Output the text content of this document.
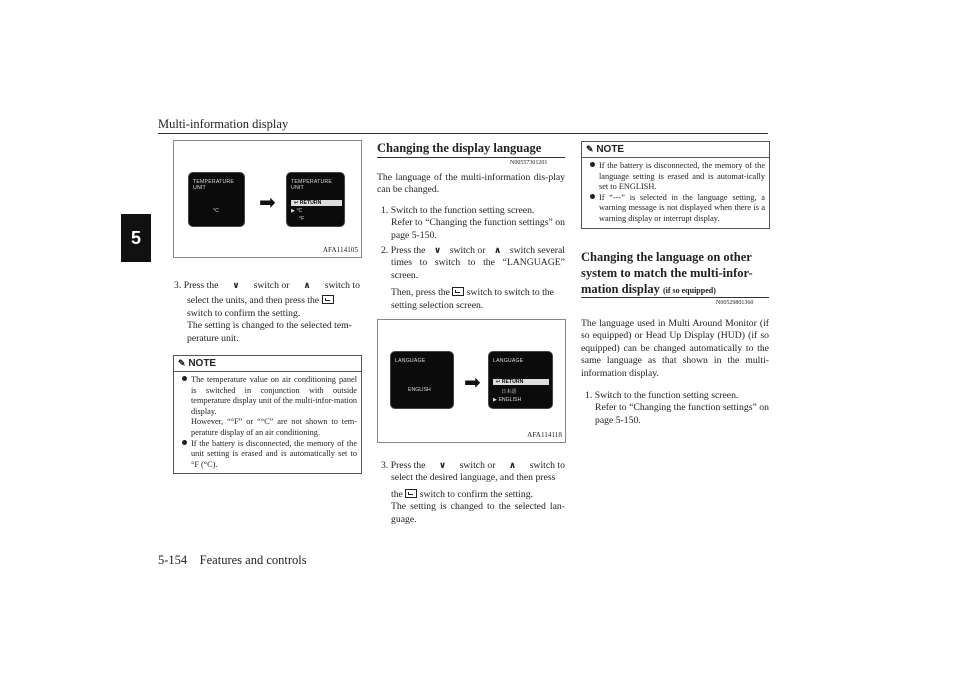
Multi-information display
5
TEMPERATURE
UNIT
°C ➡
TEMPERATURE
UNIT
↩ RETURN
▶ °C
°F
AFA114105
3. Press the	∨ switch or	∧ switch to
select the units, and then press the
switch to confirm the setting.
The setting is changed to the selected tem-
perature unit.
✎
NOTE
The temperature value on air conditioning panel is switched in conjunction with outside temperature display unit of the multi-infor-mation display.
However, “°F” or “°C” are not shown to tem-perature display of an air conditioning.
If the battery is disconnected, the memory of the unit setting is erased and is automatically set to °F (°C).
Changing the display language
N00557301201
The language of the multi-information dis-play can be changed.
1. Switch to the function setting screen.
Refer to “Changing the function settings” on page 5-150.
2. Press the ∨ switch or ∧ switch several
times to switch to the “LANGUAGE” screen.
Then, press the switch to switch to the
setting selection screen.
LANGUAGE
ENGLISH ➡
LANGUAGE
↩ RETURN
日本語
▶ ENGLISH
AFA114118
3. Press the	∨ switch or	∧ switch to
select the desired language, and then press
the switch to confirm the setting.
The setting is changed to the selected lan-guage.
✎
NOTE
If the battery is disconnected, the memory of the language setting is erased and is automat-ically set to ENGLISH.
If “---” is selected in the language setting, a warning message is not displayed when there is a warning display or interrupt display.
Changing the language on other
system to match the multi-infor-
mation display (if so equipped)
N00529801360
The language used in Multi Around Monitor (if so equipped) or Head Up Display (HUD) (if so equipped) can be changed automatically to the same language as that shown in the multi-information display.
1. Switch to the function setting screen.
Refer to “Changing the function settings” on page 5-150.
5-154 Features and controls
